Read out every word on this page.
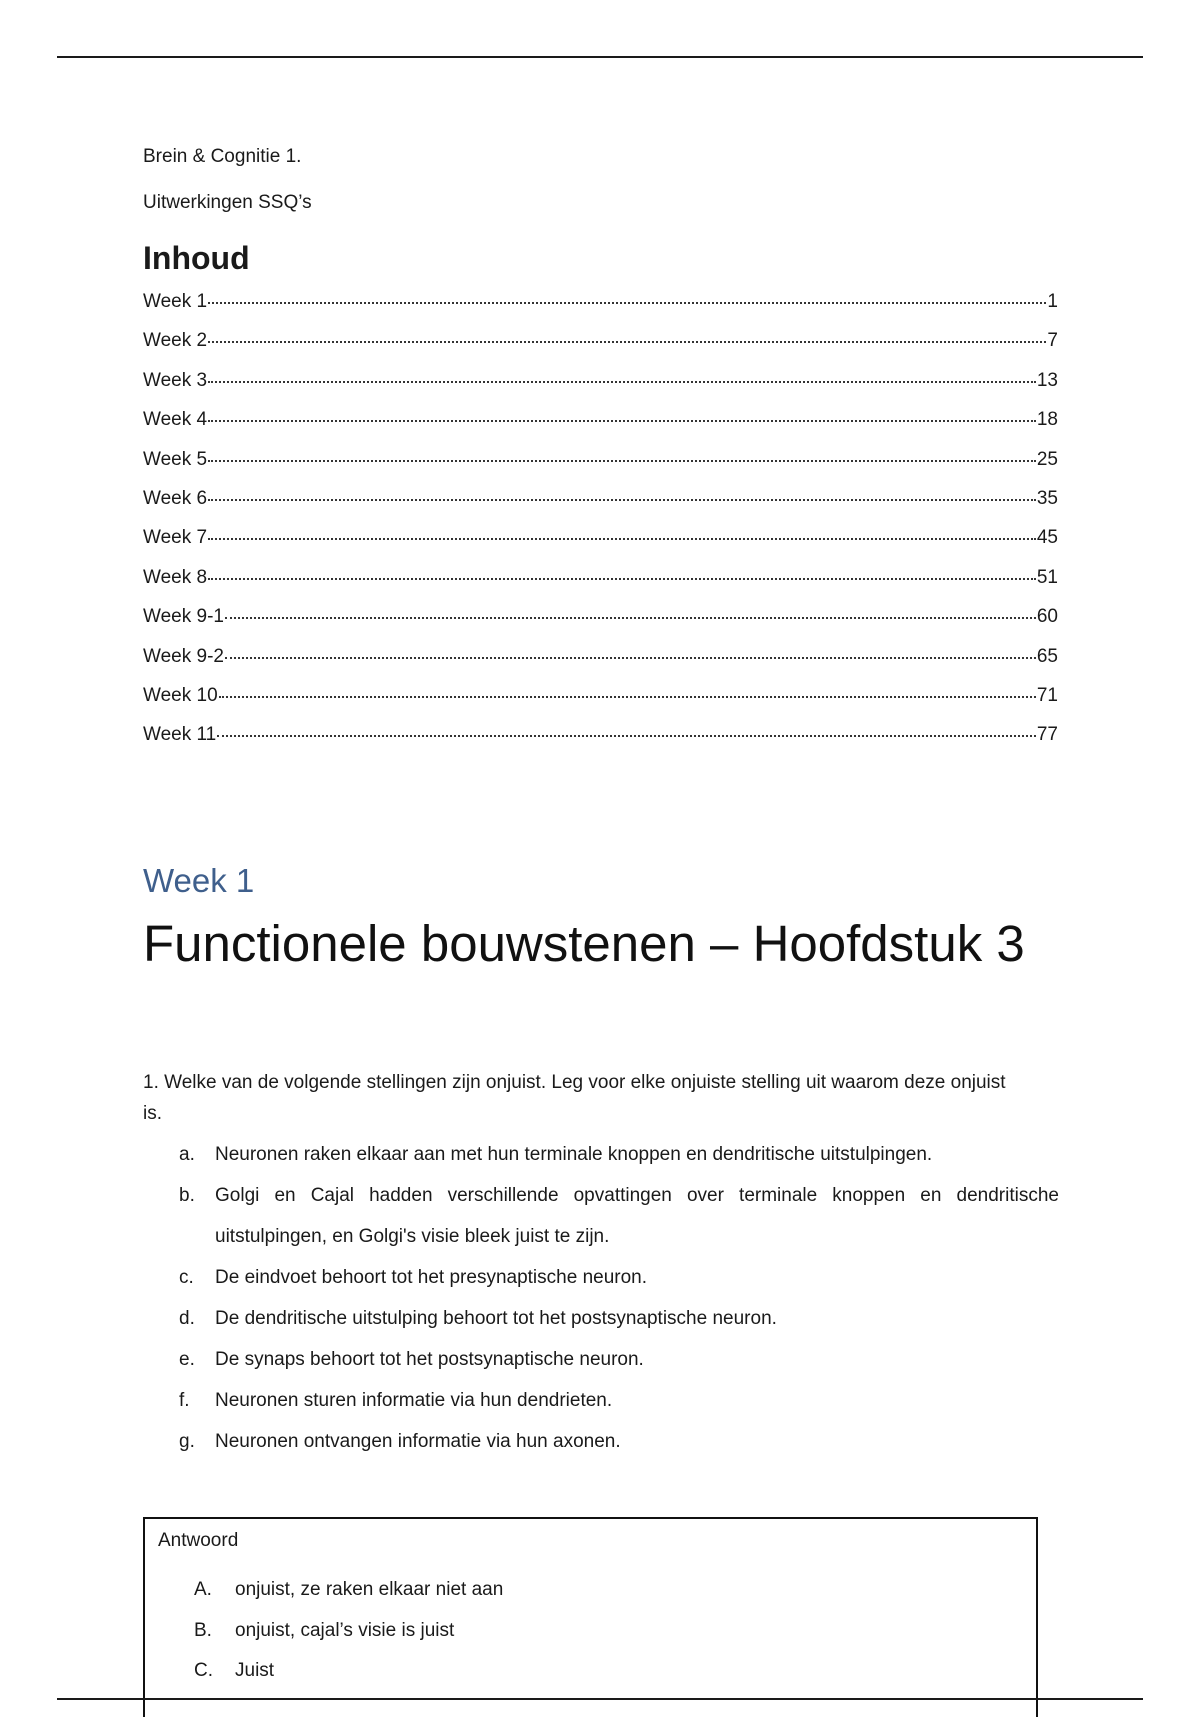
Brein & Cognitie 1.
Uitwerkingen SSQ’s
Inhoud
Week 1	1
Week 2	7
Week 3	13
Week 4	18
Week 5	25
Week 6	35
Week 7	45
Week 8	51
Week 9-1	60
Week 9-2	65
Week 10	71
Week 11	77
Week 1
Functionele bouwstenen – Hoofdstuk 3
1. Welke van de volgende stellingen zijn onjuist. Leg voor elke onjuiste stelling uit waarom deze onjuist is.
a.	Neuronen raken elkaar aan met hun terminale knoppen en dendritische uitstulpingen.
b.	Golgi en Cajal hadden verschillende opvattingen over terminale knoppen en dendritische uitstulpingen, en Golgi's visie bleek juist te zijn.
c.	De eindvoet behoort tot het presynaptische neuron.
d.	De dendritische uitstulping behoort tot het postsynaptische neuron.
e.	De synaps behoort tot het postsynaptische neuron.
f.	Neuronen sturen informatie via hun dendrieten.
g.	Neuronen ontvangen informatie via hun axonen.
Antwoord
A.	onjuist, ze raken elkaar niet aan
B.	onjuist, cajal’s visie is juist
C.	Juist
